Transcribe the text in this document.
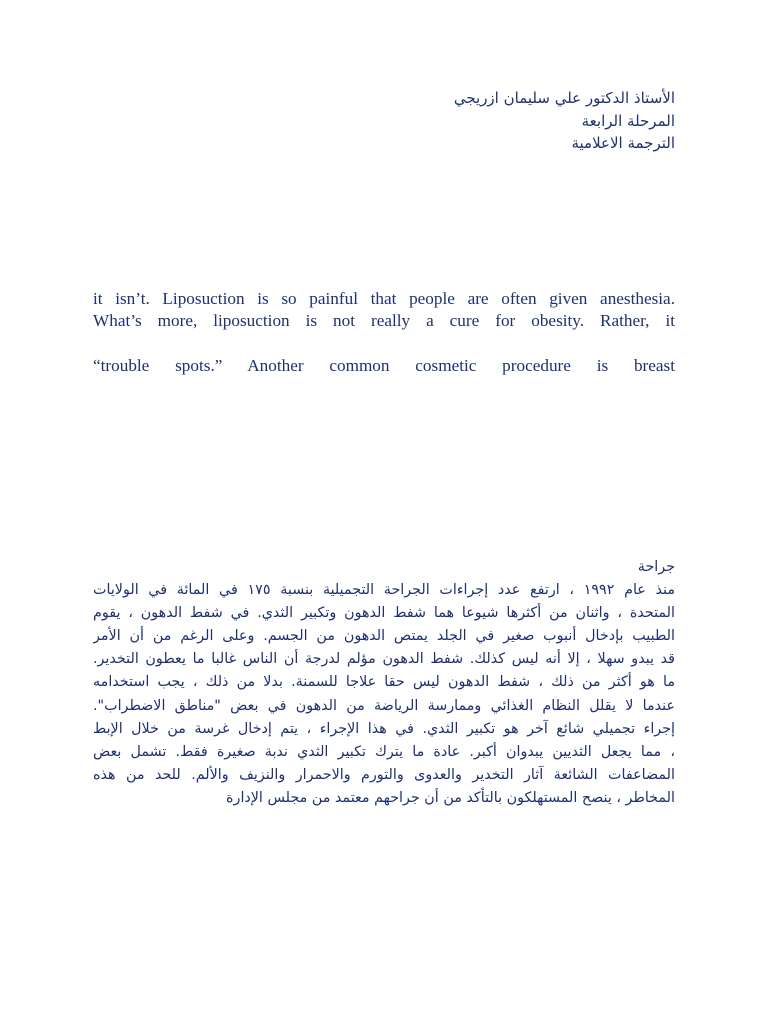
الأستاذ الدكتور علي سليمان ازريجي
المرحلة الرابعة
الترجمة الاعلامية
it isn’t. Liposuction is so painful that people are often given anesthesia.
What’s more, liposuction is not really a cure for obesity. Rather, it
“trouble spots.” Another common cosmetic procedure is breast
جراحة
منذ عام ١٩٩٢ ، ارتفع عدد إجراءات الجراحة التجميلية بنسبة ١٧٥ في المائة في الولايات
المتحدة ، واثنان من أكثرها شيوعا هما شفط الدهون وتكبير الثدي. في شفط الدهون ، يقوم
الطبيب بإدخال أنبوب صغير في الجلد يمتص الدهون من الجسم. وعلى الرغم من أن الأمر
قد يبدو سهلا ، إلا أنه ليس كذلك. شفط الدهون مؤلم لدرجة أن الناس غالبا ما يعطون التخدير.
ما هو أكثر من ذلك ، شفط الدهون ليس حقا علاجا للسمنة. بدلا من ذلك ، يجب استخدامه
عندما لا يقلل النظام الغذائي وممارسة الرياضة من الدهون في بعض "مناطق الاضطراب".
إجراء تجميلي شائع آخر هو تكبير الثدي. في هذا الإجراء ، يتم إدخال غرسة من خلال الإبط
، مما يجعل الثديين يبدوان أكبر. عادة ما يترك تكبير الثدي ندبة صغيرة فقط. تشمل بعض
المضاعفات الشائعة آثار التخدير والعدوى والتورم والاحمرار والنزيف والألم. للحد من هذه
المخاطر ، ينصح المستهلكون بالتأكد من أن جراحهم معتمد من مجلس الإدارة
